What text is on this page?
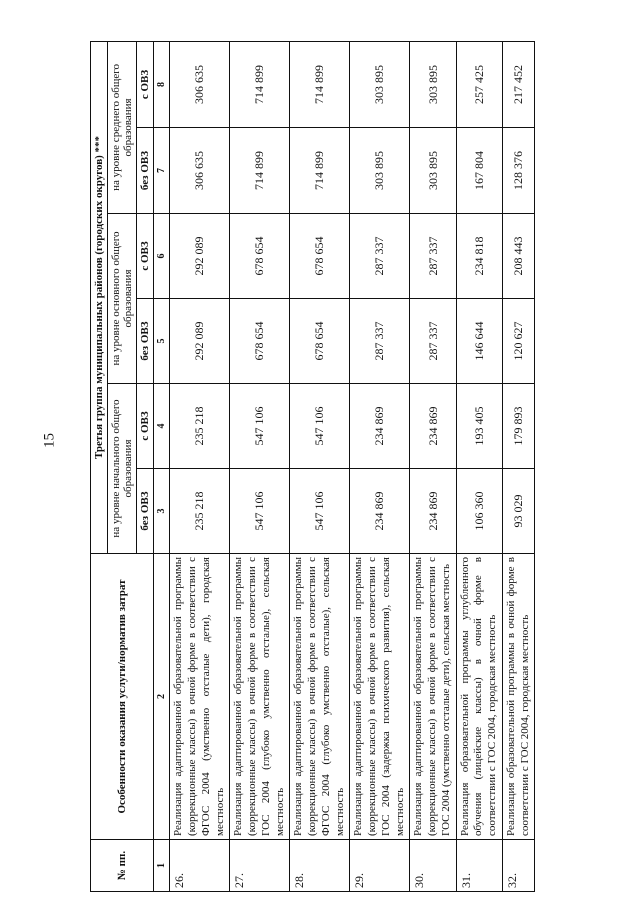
15
№ пп.	Особенности оказания услуги/норматив затрат	Третья группа муниципальных районов (городских округов) ***					
		на уровне начального общего образования		на уровне основного общего образования		на уровне среднего общего образования	
		без ОВЗ	с ОВЗ	без ОВЗ	с ОВЗ	без ОВЗ	с ОВЗ
1	2	3	4	5	6	7	8
26.	Реализация адаптированной образовательной программы (коррекционные классы) в очной форме в соответствии с ФГОС 2004 (умственно отсталые дети), городская местность	235 218	235 218	292 089	292 089	306 635	306 635
27.	Реализация адаптированной образовательной программы (коррекционные классы) в очной форме в соответствии с ГОС 2004 (глубоко умственно отсталые), сельская местность	547 106	547 106	678 654	678 654	714 899	714 899
28.	Реализация адаптированной образовательной программы (коррекционные классы) в очной форме в соответствии с ФГОС 2004 (глубоко умственно отсталые), сельская местность	547 106	547 106	678 654	678 654	714 899	714 899
29.	Реализация адаптированной образовательной программы (коррекционные классы) в очной форме в соответствии с ГОС 2004 (задержка психического развития), сельская местность	234 869	234 869	287 337	287 337	303 895	303 895
30.	Реализация адаптированной образовательной программы (коррекционные классы) в очной форме в соответствии с ГОС 2004 (умственно отсталые дети), сельская местность	234 869	234 869	287 337	287 337	303 895	303 895
31.	Реализация образовательной программы углубленного обучения (лицейские классы) в очной форме в соответствии с ГОС 2004, городская местность	106 360	193 405	146 644	234 818	167 804	257 425
32.	Реализация образовательной программы в очной форме в соответствии с ГОС 2004, городская местность	93 029	179 893	120 627	208 443	128 376	217 452
